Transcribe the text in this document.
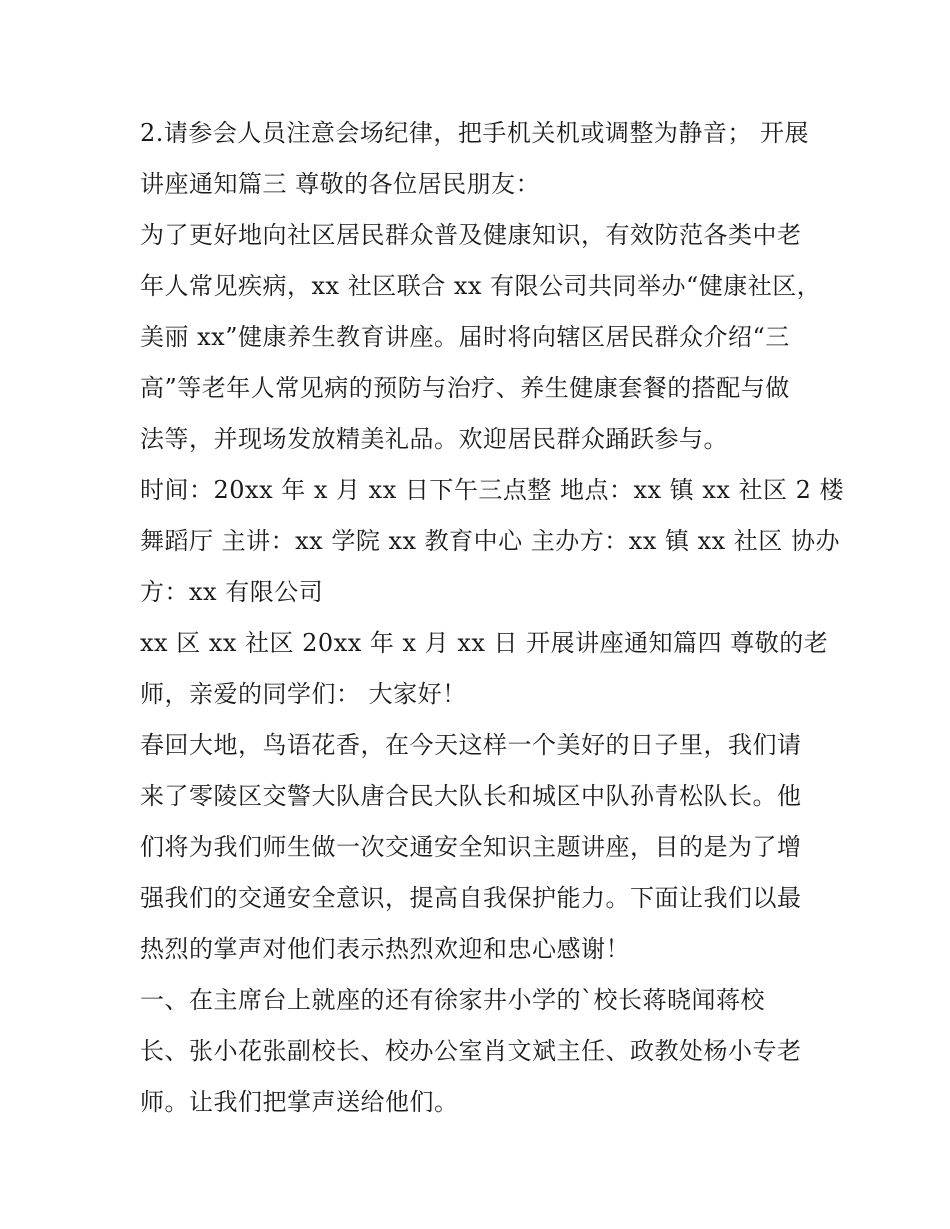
2.请参会人员注意会场纪律，把手机关机或调整为静音； 开展
讲座通知篇三 尊敬的各位居民朋友：
为了更好地向社区居民群众普及健康知识，有效防范各类中老
年人常见疾病，xx 社区联合 xx 有限公司共同举办“健康社区，
美丽 xx”健康养生教育讲座。届时将向辖区居民群众介绍“三
高”等老年人常见病的预防与治疗、养生健康套餐的搭配与做
法等，并现场发放精美礼品。欢迎居民群众踊跃参与。
时间：20xx 年 x 月 xx 日下午三点整 地点：xx 镇 xx 社区 2 楼
舞蹈厅 主讲：xx 学院 xx 教育中心 主办方：xx 镇 xx 社区 协办
方：xx 有限公司
xx 区 xx 社区 20xx 年 x 月 xx 日 开展讲座通知篇四 尊敬的老
师，亲爱的同学们： 大家好！
春回大地，鸟语花香，在今天这样一个美好的日子里，我们请
来了零陵区交警大队唐合民大队长和城区中队孙青松队长。他
们将为我们师生做一次交通安全知识主题讲座，目的是为了增
强我们的交通安全意识，提高自我保护能力。下面让我们以最
热烈的掌声对他们表示热烈欢迎和忠心感谢！
一、在主席台上就座的还有徐家井小学的`校长蒋晓闻蒋校
长、张小花张副校长、校办公室肖文斌主任、政教处杨小专老
师。让我们把掌声送给他们。
